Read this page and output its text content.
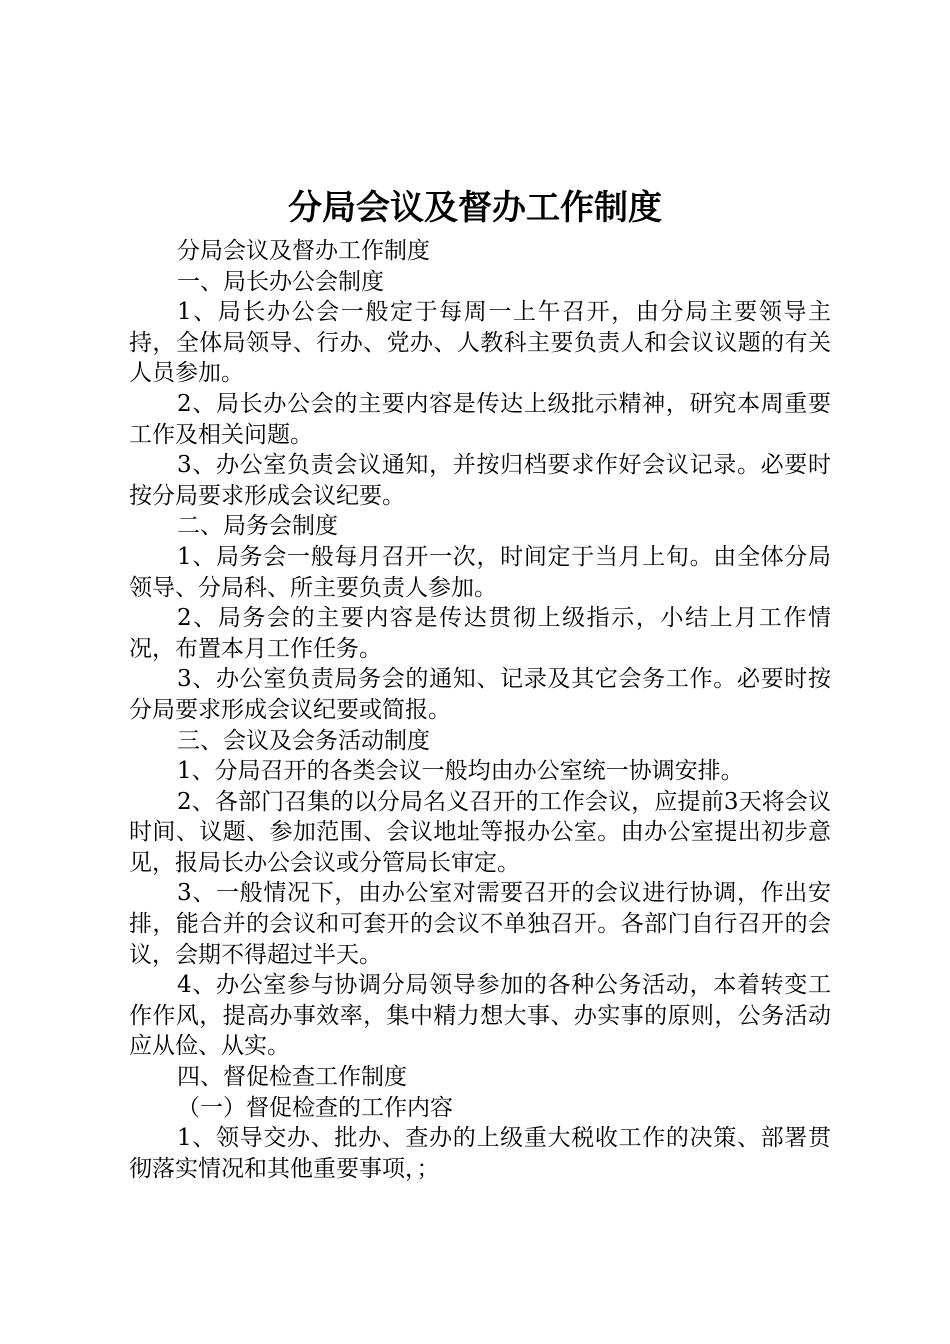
分局会议及督办工作制度

分局会议及督办工作制度

一、局长办公会制度

1、局长办公会一般定于每周一上午召开，由分局主要领导主持，全体局领导、行办、党办、人教科主要负责人和会议议题的有关人员参加。

2、局长办公会的主要内容是传达上级批示精神，研究本周重要工作及相关问题。

3、办公室负责会议通知，并按归档要求作好会议记录。必要时按分局要求形成会议纪要。

二、局务会制度

1、局务会一般每月召开一次，时间定于当月上旬。由全体分局领导、分局科、所主要负责人参加。

2、局务会的主要内容是传达贯彻上级指示，小结上月工作情况，布置本月工作任务。

3、办公室负责局务会的通知、记录及其它会务工作。必要时按分局要求形成会议纪要或简报。

三、会议及会务活动制度

1、分局召开的各类会议一般均由办公室统一协调安排。

2、各部门召集的以分局名义召开的工作会议，应提前3天将会议时间、议题、参加范围、会议地址等报办公室。由办公室提出初步意见，报局长办公会议或分管局长审定。

3、一般情况下，由办公室对需要召开的会议进行协调，作出安排，能合并的会议和可套开的会议不单独召开。各部门自行召开的会议，会期不得超过半天。

4、办公室参与协调分局领导参加的各种公务活动，本着转变工作作风，提高办事效率，集中精力想大事、办实事的原则，公务活动应从俭、从实。

四、督促检查工作制度

（一）督促检查的工作内容

1、领导交办、批办、查办的上级重大税收工作的决策、部署贯彻落实情况和其他重要事项，；
